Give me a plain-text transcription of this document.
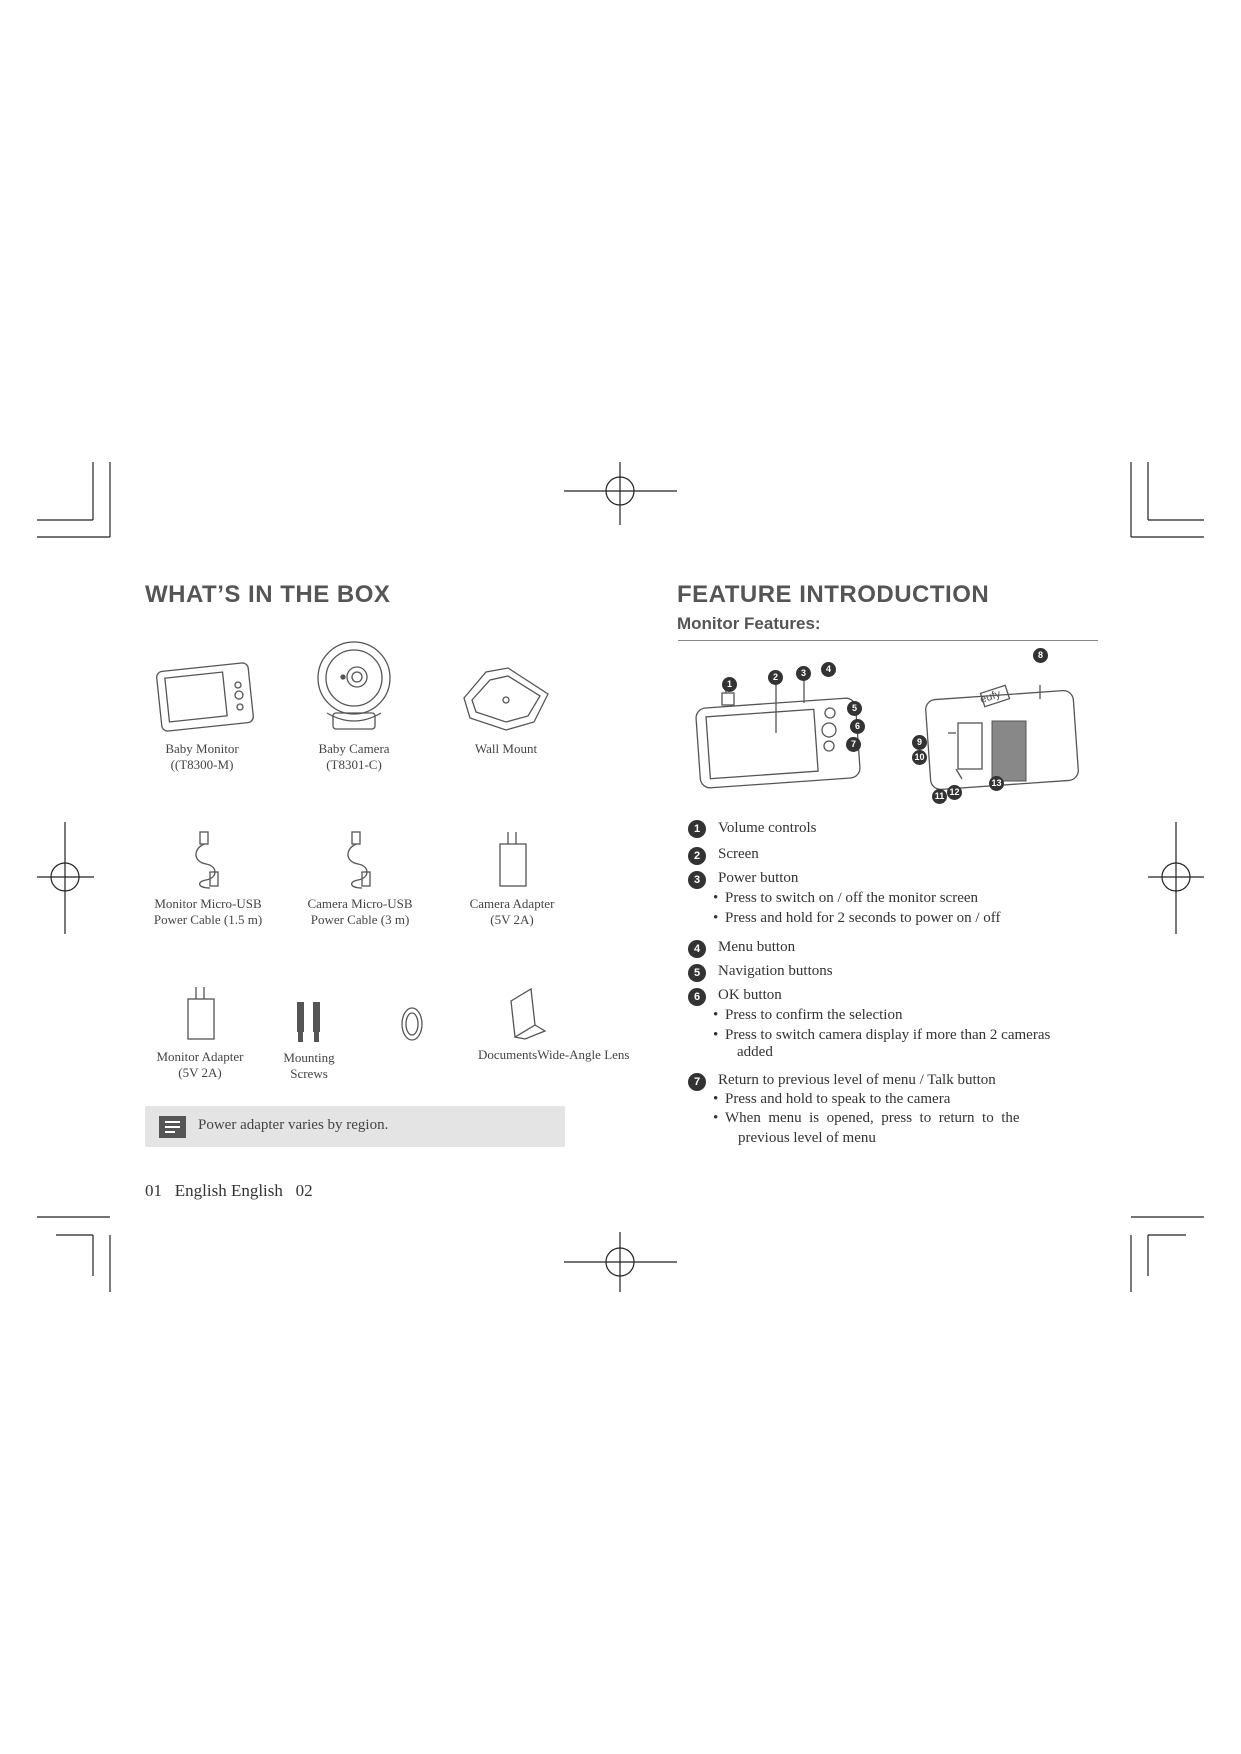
WHAT’S IN THE BOX
Baby Monitor
((T8300-M)
Baby Camera
(T8301-C)
Wall Mount
Monitor Micro-USB
Power Cable (1.5 m)
Camera Micro-USB
Power Cable (3 m)
Camera Adapter
(5V 2A)
Monitor Adapter
(5V 2A)
Mounting
Screws
DocumentsWide-Angle Lens
Power adapter varies by region.
01   English English   02
FEATURE INTRODUCTION
Monitor Features:
1
2	3	4
5
6
7
eufy
8
9
10
11 12
13
1	Volume controls
2	Screen
3	Power button
• Press to switch on / off the monitor screen
• Press and hold for 2 seconds to power on / off
4	Menu button
5	Navigation buttons
6	OK button
• Press to confirm the selection
• Press to switch camera display if more than 2 cameras
added
7	Return to previous level of menu / Talk button
• Press and hold to speak to the camera
• When  menu  is  opened,  press  to  return  to  the
previous level of menu
